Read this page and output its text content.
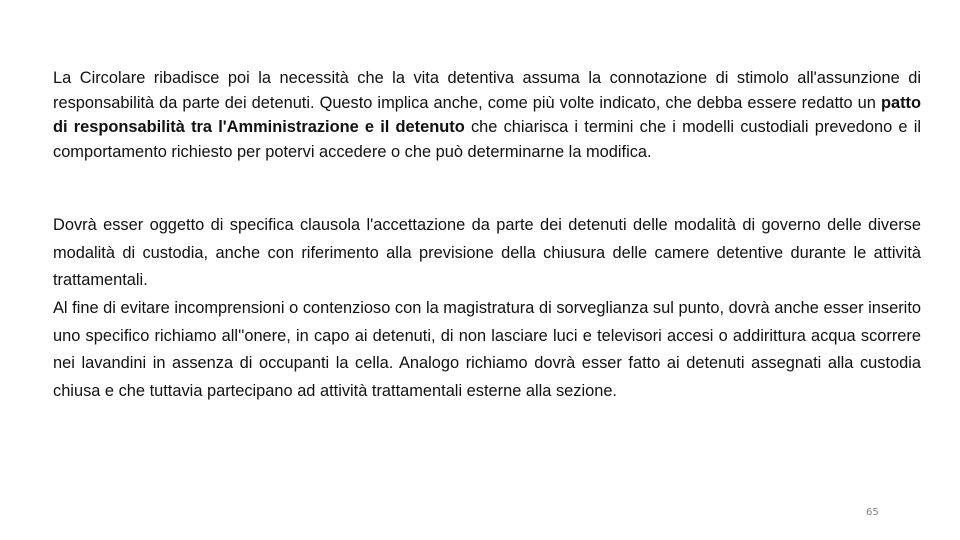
La Circolare ribadisce poi la necessità che la vita detentiva assuma la connotazione di stimolo all'assunzione di responsabilità da parte dei detenuti. Questo implica anche, come più volte indicato, che debba essere redatto un patto di responsabilità tra l'Amministrazione e il detenuto che chiarisca i termini che i modelli custodiali prevedono e il comportamento richiesto per potervi accedere o che può determinarne la modifica.

Dovrà esser oggetto di specifica clausola l'accettazione da parte dei detenuti delle modalità di governo delle diverse modalità di custodia, anche con riferimento alla previsione della chiusura delle camere detentive durante le attività trattamentali.

Al fine di evitare incomprensioni o contenzioso con la magistratura di sorveglianza sul punto, dovrà anche esser inserito uno specifico richiamo all''onere, in capo ai detenuti, di non lasciare luci e televisori accesi o addirittura acqua scorrere nei lavandini in assenza di occupanti la cella. Analogo richiamo dovrà esser fatto ai detenuti assegnati alla custodia chiusa e che tuttavia partecipano ad attività trattamentali esterne alla sezione.

65
